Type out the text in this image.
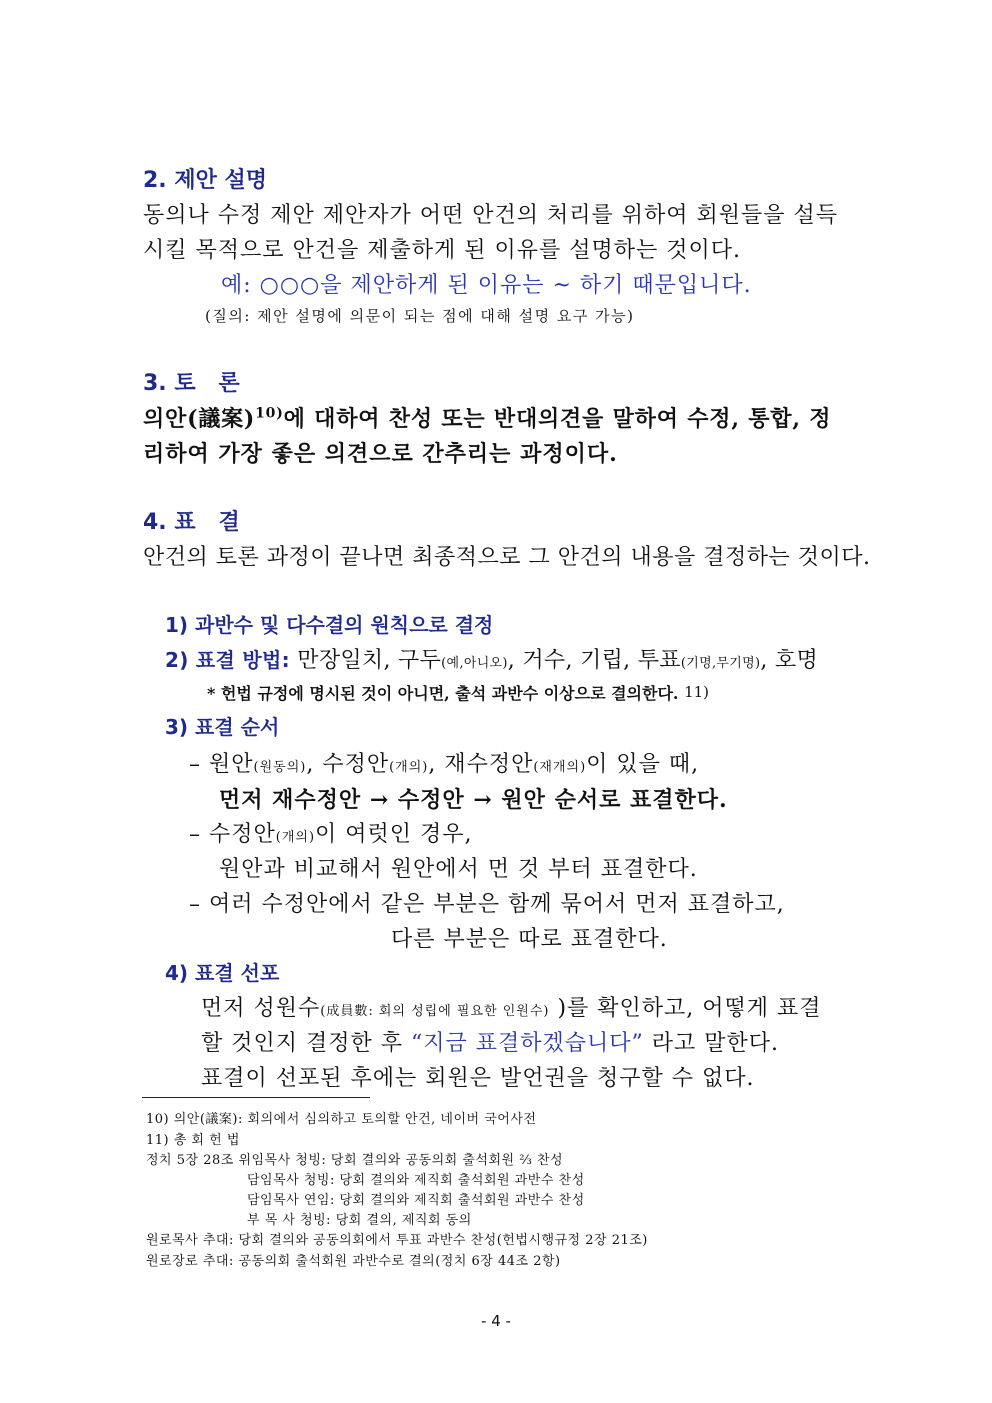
2. 제안 설명
동의나 수정 제안 제안자가 어떤 안건의 처리를 위하여 회원들을 설득
시킬 목적으로 안건을 제출하게 된 이유를 설명하는 것이다.
예: ○○○을 제안하게 된 이유는 ~ 하기 때문입니다.
(질의: 제안 설명에 의문이 되는 점에 대해 설명 요구 가능)
3. 토   론
의안(議案)$^{10)}$에 대하여 찬성 또는 반대의견을 말하여 수정, 통합, 정
리하여 가장 좋은 의견으로 간추리는 과정이다.
4. 표   결
안건의 토론 과정이 끝나면 최종적으로 그 안건의 내용을 결정하는 것이다.
1) 과반수 및 다수결의 원칙으로 결정
2) 표결 방법: 만장일치, 구두(예,아니오), 거수, 기립, 투표(기명,무기명), 호명
* 헌법 규정에 명시된 것이 아니면, 출석 과반수 이상으로 결의한다. 11)
3) 표결 순서
– 원안(원동의), 수정안(개의), 재수정안(재개의)이 있을 때,
먼저 재수정안 → 수정안 → 원안 순서로 표결한다.
– 수정안(개의)이 여럿인 경우,
원안과 비교해서 원안에서 먼 것 부터 표결한다.
– 여러 수정안에서 같은 부분은 함께 묶어서 먼저 표결하고,
다른 부분은 따로 표결한다.
4) 표결 선포
먼저 성원수(成員數: 회의 성립에 필요한 인원수) )를 확인하고, 어떻게 표결
할 것인지 결정한 후 “지금 표결하겠습니다” 라고 말한다.
표결이 선포된 후에는 회원은 발언권을 청구할 수 없다.
10) 의안(議案): 회의에서 심의하고 토의할 안건, 네이버 국어사전
11) 총 회 헌 법
정치 5장 28조 위임목사 청빙: 당회 결의와 공동의회 출석회원 ⅔ 찬성
담임목사 청빙: 당회 결의와 제직회 출석회원 과반수 찬성
담임목사 연임: 당회 결의와 제직회 출석회원 과반수 찬성
부 목 사 청빙: 당회 결의, 제직회 동의
원로목사 추대: 당회 결의와 공동의회에서 투표 과반수 찬성(헌법시행규정 2장 21조)
원로장로 추대: 공동의회 출석회원 과반수로 결의(정치 6장 44조 2항)
- 4 -
